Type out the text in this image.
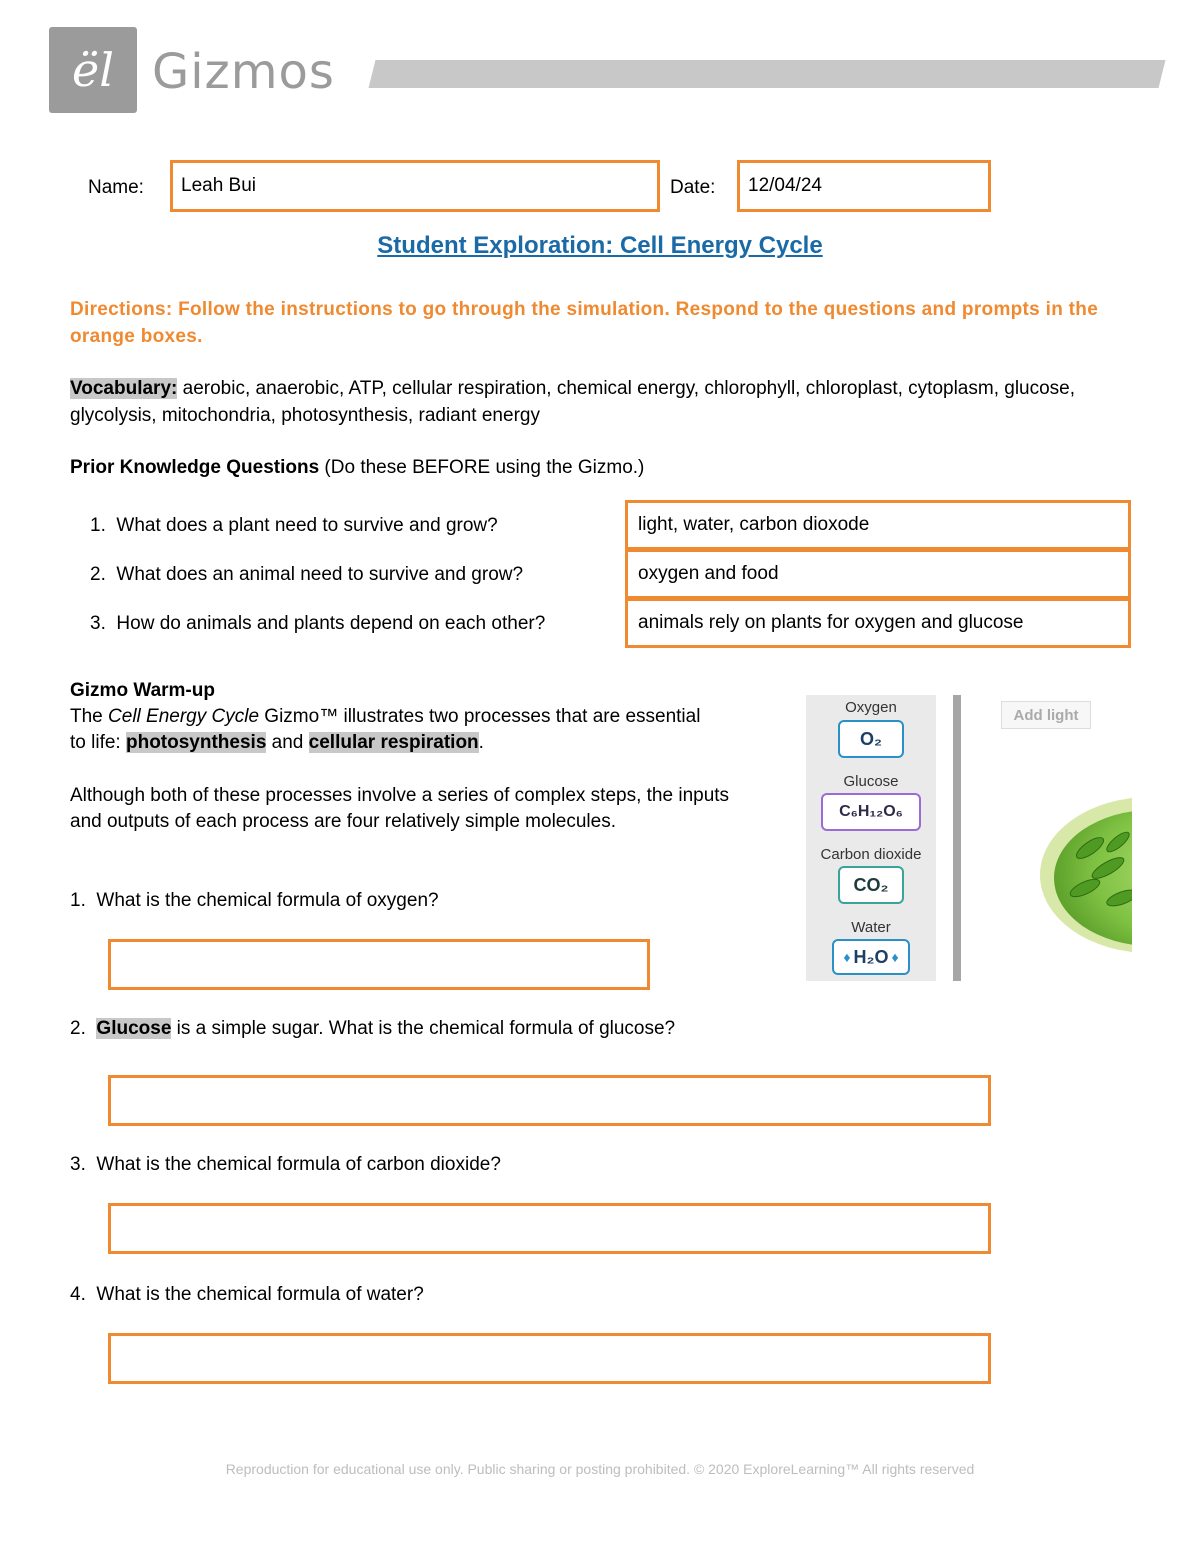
ël Gizmos
Name: Leah Bui	Date: 12/04/24
Student Exploration: Cell Energy Cycle
Directions: Follow the instructions to go through the simulation. Respond to the questions and prompts in the orange boxes.
Vocabulary: aerobic, anaerobic, ATP, cellular respiration, chemical energy, chlorophyll, chloroplast, cytoplasm, glucose, glycolysis, mitochondria, photosynthesis, radiant energy
Prior Knowledge Questions (Do these BEFORE using the Gizmo.)
1. What does a plant need to survive and grow?
2. What does an animal need to survive and grow?
3. How do animals and plants depend on each other?
light, water, carbon dioxode
oxygen and food
animals rely on plants for oxygen and glucose
Gizmo Warm-up
The Cell Energy Cycle Gizmo™ illustrates two processes that are essential to life: photosynthesis and cellular respiration.
Although both of these processes involve a series of complex steps, the inputs and outputs of each process are four relatively simple molecules.
1. What is the chemical formula of oxygen?
2. Glucose is a simple sugar. What is the chemical formula of glucose?
3. What is the chemical formula of carbon dioxide?
4. What is the chemical formula of water?
Oxygen
O₂
Glucose
C₆H₁₂O₆
Carbon dioxide
CO₂
Water
♦ H₂O ♦
Add light
Reproduction for educational use only. Public sharing or posting prohibited. © 2020 ExploreLearning™ All rights reserved
